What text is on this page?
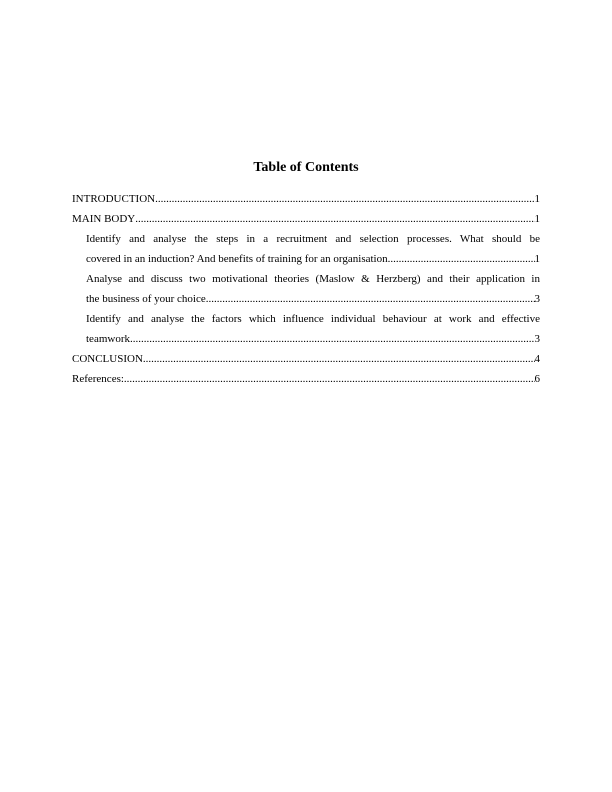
Table of Contents
INTRODUCTION .....	1
MAIN BODY .....	1
Identify and analyse the steps in a recruitment and selection processes. What should be
covered in an induction? And benefits of training for an organisation. .....	1
Analyse and discuss two motivational theories (Maslow & Herzberg) and their application in
the business of your choice .....	3
Identify and analyse the factors which influence individual behaviour at work and effective
teamwork .....	3
CONCLUSION .....	4
References: .....	6
